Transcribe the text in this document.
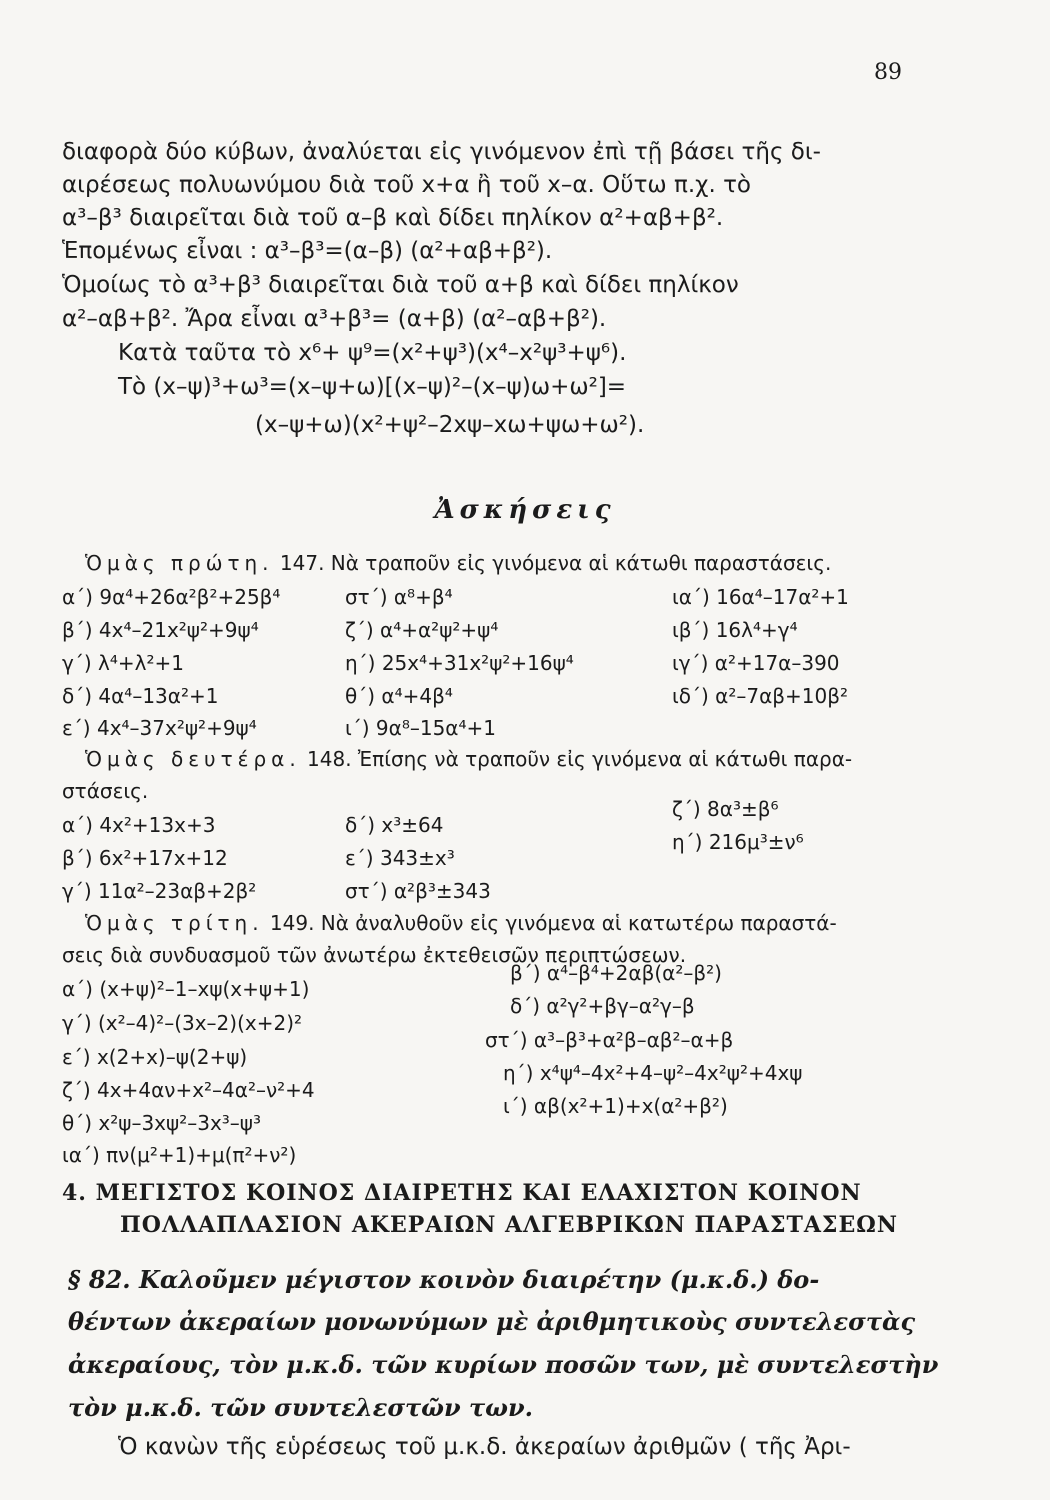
89
διαφορὰ δύο κύβων, ἀναλύεται εἰς γινόμενον ἐπὶ τῇ βάσει τῆς δι-
αιρέσεως πολυωνύμου διὰ τοῦ x+α ἢ τοῦ x–α. Οὕτω π.χ. τὸ
α³–β³ διαιρεῖται διὰ τοῦ α–β καὶ δίδει πηλίκον α²+αβ+β².
Ἑπομένως εἶναι : α³–β³=(α–β) (α²+αβ+β²).
Ὁμοίως τὸ α³+β³ διαιρεῖται διὰ τοῦ α+β καὶ δίδει πηλίκον
α²–αβ+β². Ἄρα εἶναι α³+β³= (α+β) (α²–αβ+β²).
Κατὰ ταῦτα τὸ x⁶+ ψ⁹=(x²+ψ³)(x⁴–x²ψ³+ψ⁶).
Τὸ (x–ψ)³+ω³=(x–ψ+ω)[(x–ψ)²–(x–ψ)ω+ω²]=
(x–ψ+ω)(x²+ψ²–2xψ–xω+ψω+ω²).
Ἀσκήσεις
Ὁμὰς πρώτη. 147. Νὰ τραποῦν εἰς γινόμενα αἱ κάτωθι παραστάσεις.
α΄) 9α⁴+26α²β²+25β⁴
β΄) 4x⁴–21x²ψ²+9ψ⁴
γ΄) λ⁴+λ²+1
δ΄) 4α⁴–13α²+1
ε΄) 4x⁴–37x²ψ²+9ψ⁴
στ΄) α⁸+β⁴
ζ΄) α⁴+α²ψ²+ψ⁴
η΄) 25x⁴+31x²ψ²+16ψ⁴
θ΄) α⁴+4β⁴
ι΄) 9α⁸–15α⁴+1
ια΄) 16α⁴–17α²+1
ιβ΄) 16λ⁴+γ⁴
ιγ΄) α²+17α–390
ιδ΄) α²–7αβ+10β²
Ὁμὰς δευτέρα. 148. Ἐπίσης νὰ τραποῦν εἰς γινόμενα αἱ κάτωθι παρα-
στάσεις.
α΄) 4x²+13x+3
β΄) 6x²+17x+12
γ΄) 11α²–23αβ+2β²
δ΄) x³±64
ε΄) 343±x³
στ΄) α²β³±343
ζ΄) 8α³±β⁶
η΄) 216μ³±ν⁶
Ὁμὰς τρίτη. 149. Νὰ ἀναλυθοῦν εἰς γινόμενα αἱ κατωτέρω παραστά-
σεις διὰ συνδυασμοῦ τῶν ἀνωτέρω ἐκτεθεισῶν περιπτώσεων.
α΄) (x+ψ)²–1–xψ(x+ψ+1)
γ΄) (x²–4)²–(3x–2)(x+2)²
ε΄) x(2+x)–ψ(2+ψ)
ζ΄) 4x+4αν+x²–4α²–ν²+4
θ΄) x²ψ–3xψ²–3x³–ψ³
ια΄) πν(μ²+1)+μ(π²+ν²)
β΄) α⁴–β⁴+2αβ(α²–β²)
δ΄) α²γ²+βγ–α²γ–β
στ΄) α³–β³+α²β–αβ²–α+β
η΄) x⁴ψ⁴–4x²+4–ψ²–4x²ψ²+4xψ
ι΄) αβ(x²+1)+x(α²+β²)
4. ΜΕΓΙΣΤΟΣ ΚΟΙΝΟΣ ΔΙΑΙΡΕΤΗΣ ΚΑΙ ΕΛΑΧΙΣΤΟΝ ΚΟΙΝΟΝ
ΠΟΛΛΑΠΛΑΣΙΟΝ ΑΚΕΡΑΙΩΝ ΑΛΓΕΒΡΙΚΩΝ ΠΑΡΑΣΤΑΣΕΩΝ
§ 82. Καλοῦμεν μέγιστον κοινὸν διαιρέτην (μ.κ.δ.) δο-
θέντων ἀκεραίων μονωνύμων μὲ ἀριθμητικοὺς συντελεστὰς
ἀκεραίους, τὸν μ.κ.δ. τῶν κυρίων ποσῶν των, μὲ συντελεστὴν
τὸν μ.κ.δ. τῶν συντελεστῶν των.
Ὁ κανὼν τῆς εὑρέσεως τοῦ μ.κ.δ. ἀκεραίων ἀριθμῶν ( τῆς Ἀρι-
